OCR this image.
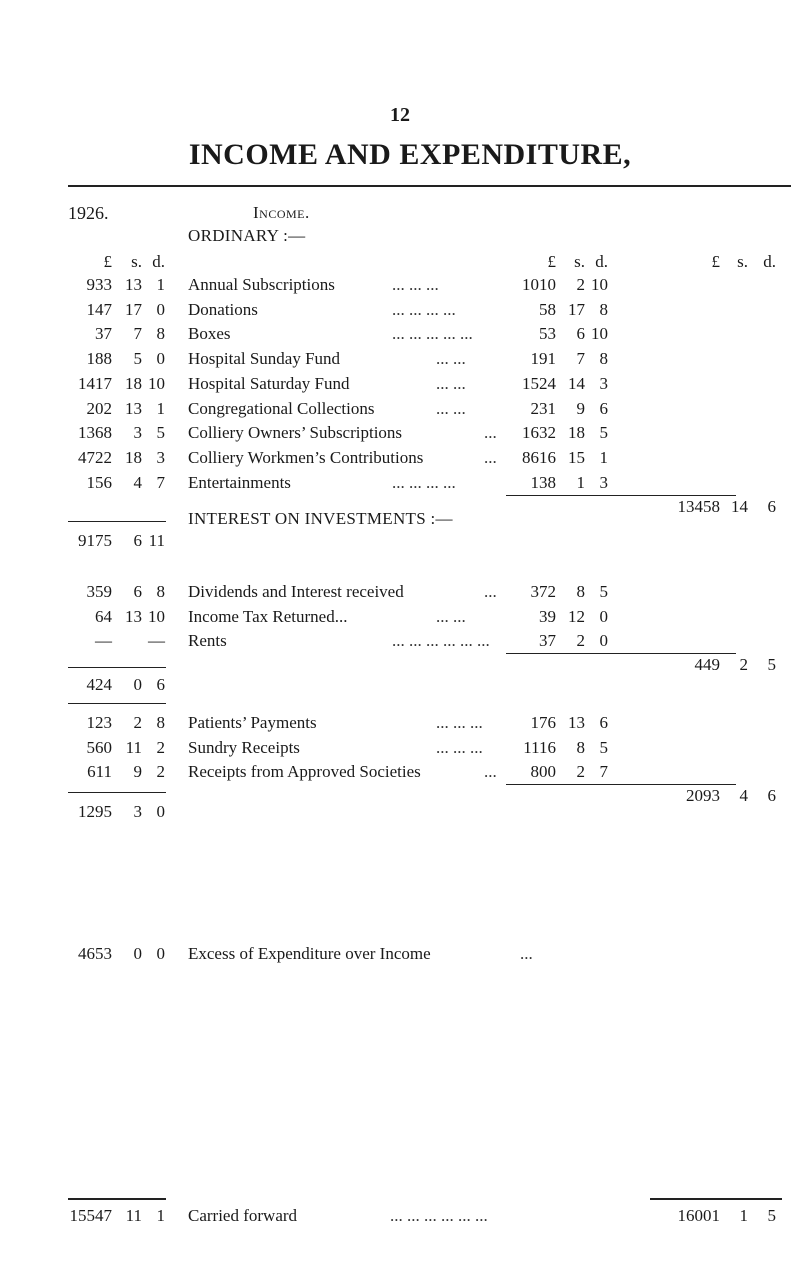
12
INCOME AND EXPENDITURE,
1926.	Income.
ORDINARY :—
INTEREST ON INVESTMENTS :—
£	s. d.	£	s. d.	£	s. d.
933 13 1 Annual Subscriptions	... ... ...	1010	2 10
147 17 0 Donations	... ... ... ...	58 17 8
37	7 8 Boxes	... ... ... ... ...	53	6 10
188	5 0 Hospital Sunday Fund	... ...	191	7 8
1417 18 10 Hospital Saturday Fund	... ...	1524 14 3
202 13 1 Congregational Collections	... ...	231	9 6
1368	3 5 Colliery Owners’ Subscriptions	...	1632 18 5
4722 18 3 Colliery Workmen’s Contributions	...	8616 15 1
156	4 7 Entertainments	... ... ... ...	138	1 3
13458 14	6
9175	6 11
359	6 8 Dividends and Interest received	...	372	8 5
64 13 10 Income Tax Returned...	... ...	39 12 0
— — Rents	... ... ... ... ... ...	37	2 0
449	2	5
424	0 6
123	2 8 Patients’ Payments	... ... ...	176 13 6
560 11 2 Sundry Receipts	... ... ...	1116	8 5
611	9 2 Receipts from Approved Societies	...	800	2 7
2093	4	6
1295	3 0
4653	0 0 Excess of Expenditure over Income	...
15547 11 1 Carried forward	... ... ... ... ... ...	16001	1	5
